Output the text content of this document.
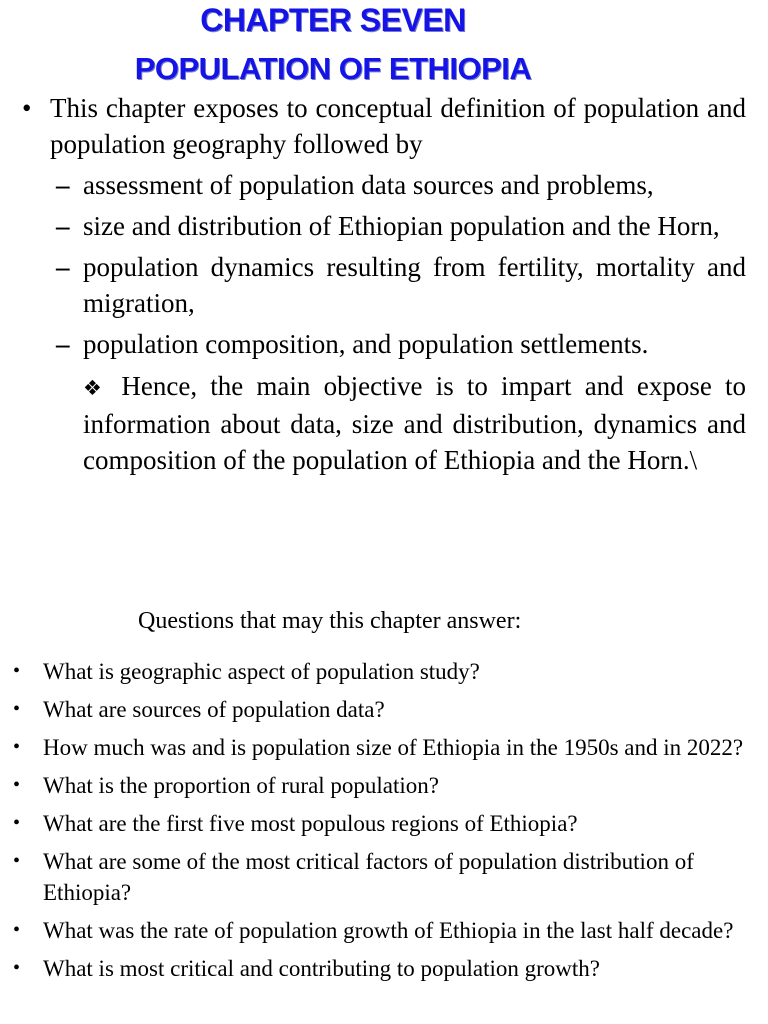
CHAPTER SEVEN
POPULATION OF ETHIOPIA
• This chapter exposes to conceptual definition of population and population geography followed by

– assessment of population data sources and problems,

– size and distribution of Ethiopian population and the Horn,

– population dynamics resulting from fertility, mortality and migration,

– population composition, and population settlements.

❖ Hence, the main objective is to impart and expose to information about data, size and distribution, dynamics and composition of the population of Ethiopia and the Horn.\

Questions that may this chapter answer:

• What is geographic aspect of population study?
• What are sources of population data?
• How much was and is population size of Ethiopia in the 1950s and in 2022?
• What is the proportion of rural population?
• What are the first five most populous regions of Ethiopia?
• What are some of the most critical factors of population distribution of Ethiopia?
• What was the rate of population growth of Ethiopia in the last half decade?
• What is most critical and contributing to population growth?
